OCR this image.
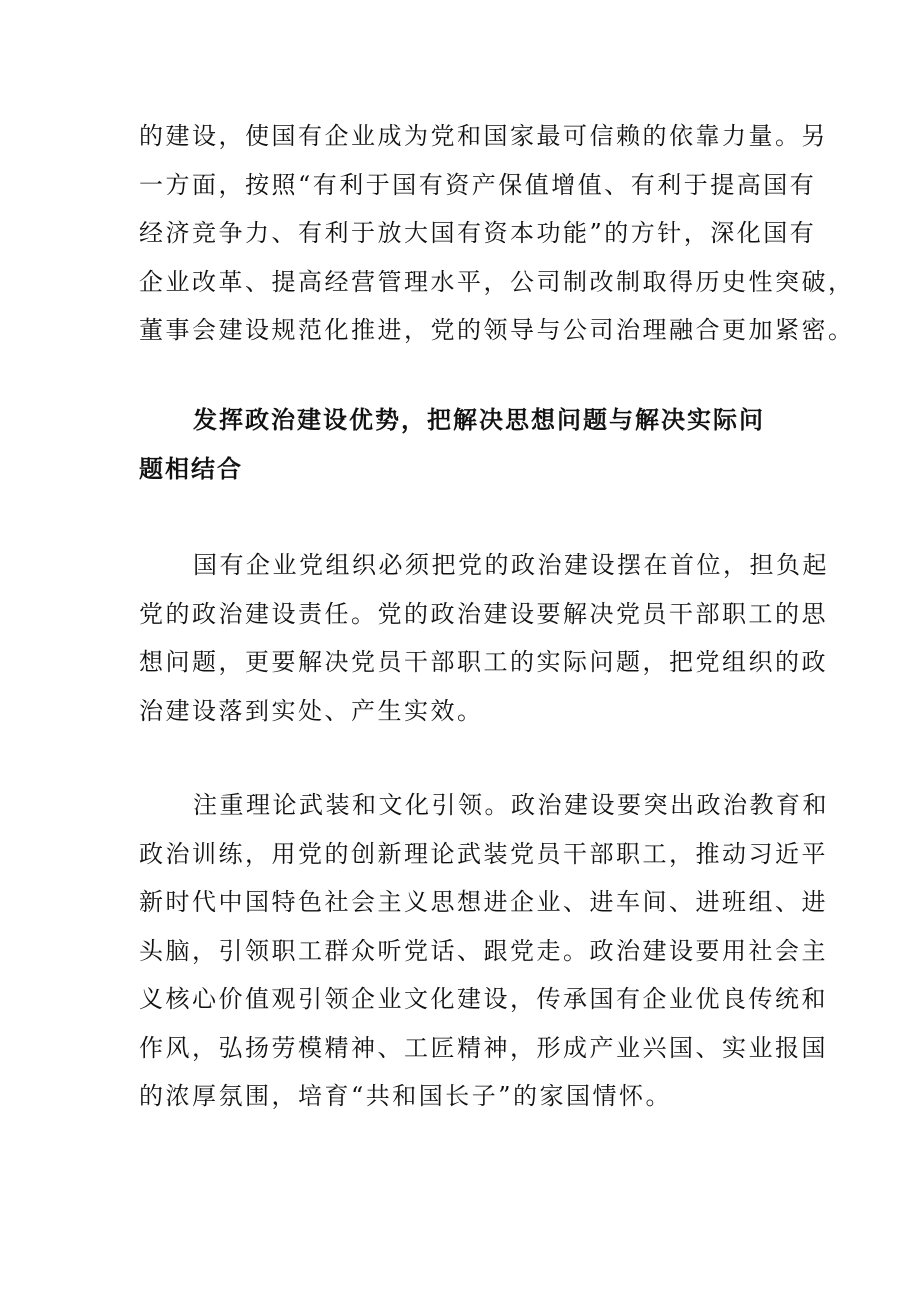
的建设，使国有企业成为党和国家最可信赖的依靠力量。另
一方面，按照“有利于国有资产保值增值、有利于提高国有
经济竞争力、有利于放大国有资本功能”的方针，深化国有
企业改革、提高经营管理水平，公司制改制取得历史性突破，
董事会建设规范化推进，党的领导与公司治理融合更加紧密。
发挥政治建设优势，把解决思想问题与解决实际问
题相结合
国有企业党组织必须把党的政治建设摆在首位，担负起
党的政治建设责任。党的政治建设要解决党员干部职工的思
想问题，更要解决党员干部职工的实际问题，把党组织的政
治建设落到实处、产生实效。
注重理论武装和文化引领。政治建设要突出政治教育和
政治训练，用党的创新理论武装党员干部职工，推动习近平
新时代中国特色社会主义思想进企业、进车间、进班组、进
头脑，引领职工群众听党话、跟党走。政治建设要用社会主
义核心价值观引领企业文化建设，传承国有企业优良传统和
作风，弘扬劳模精神、工匠精神，形成产业兴国、实业报国
的浓厚氛围，培育“共和国长子”的家国情怀。
